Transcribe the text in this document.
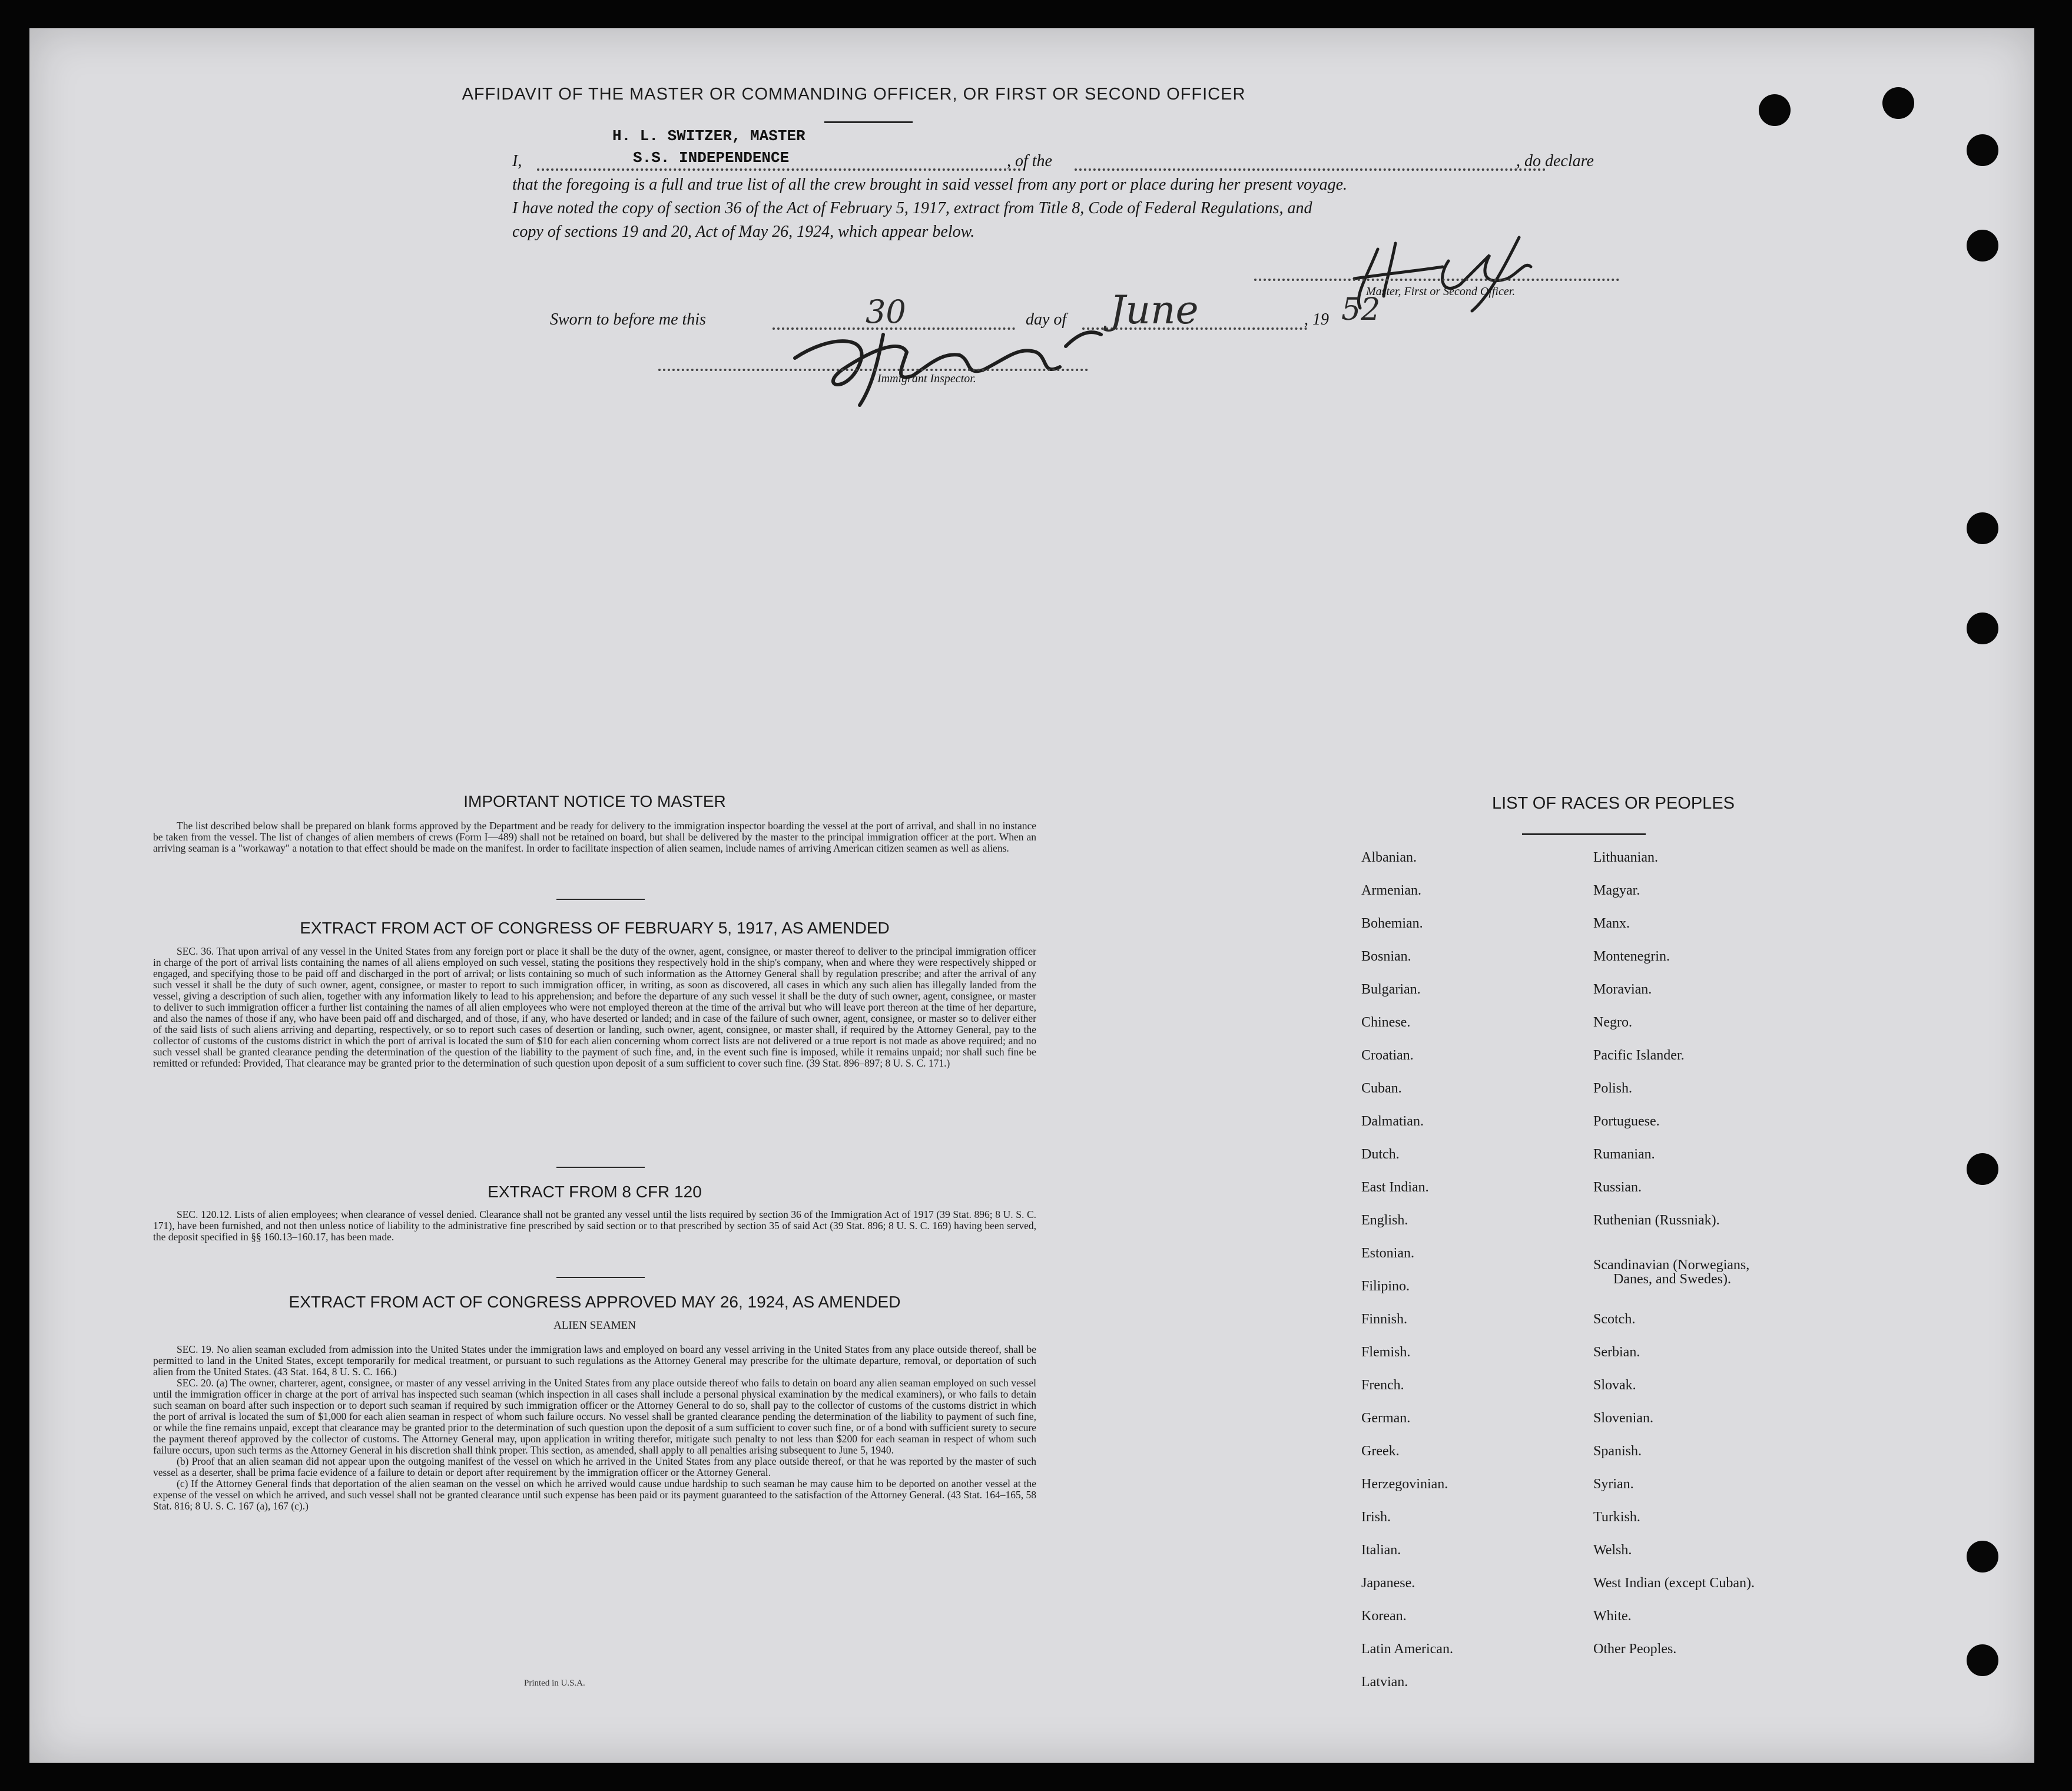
AFFIDAVIT OF THE MASTER OR COMMANDING OFFICER, OR FIRST OR SECOND OFFICER
H. L. SWITZER, MASTER
S.S. INDEPENDENCE
I,	, of the	, do declare
that the foregoing is a full and true list of all the crew brought in said vessel from any port or place during her present voyage.
I have noted the copy of section 36 of the Act of February 5, 1917, extract from Title 8, Code of Federal Regulations, and
copy of sections 19 and 20, Act of May 26, 1924, which appear below.
Master, First or Second Officer.
Sworn to before me this	30	day of June	, 19 52
Immigrant Inspector.
IMPORTANT NOTICE TO MASTER
The list described below shall be prepared on blank forms approved by the Department and be ready for delivery to the immigration inspector boarding the vessel at the port of arrival, and shall in no instance be taken from the vessel. The list of changes of alien members of crews (Form I—489) shall not be retained on board, but shall be delivered by the master to the principal immigration officer at the port. When an arriving seaman is a "workaway" a notation to that effect should be made on the manifest. In order to facilitate inspection of alien seamen, include names of arriving American citizen seamen as well as aliens.
EXTRACT FROM ACT OF CONGRESS OF FEBRUARY 5, 1917, AS AMENDED
SEC. 36. That upon arrival of any vessel in the United States from any foreign port or place it shall be the duty of the owner, agent, consignee, or master thereof to deliver to the principal immigration officer in charge of the port of arrival lists containing the names of all aliens employed on such vessel, stating the positions they respectively hold in the ship's company, when and where they were respectively shipped or engaged, and specifying those to be paid off and discharged in the port of arrival; or lists containing so much of such information as the Attorney General shall by regulation prescribe; and after the arrival of any such vessel it shall be the duty of such owner, agent, consignee, or master to report to such immigration officer, in writing, as soon as discovered, all cases in which any such alien has illegally landed from the vessel, giving a description of such alien, together with any information likely to lead to his apprehension; and before the departure of any such vessel it shall be the duty of such owner, agent, consignee, or master to deliver to such immigration officer a further list containing the names of all alien employees who were not employed thereon at the time of the arrival but who will leave port thereon at the time of her departure, and also the names of those if any, who have been paid off and discharged, and of those, if any, who have deserted or landed; and in case of the failure of such owner, agent, consignee, or master so to deliver either of the said lists of such aliens arriving and departing, respectively, or so to report such cases of desertion or landing, such owner, agent, consignee, or master shall, if required by the Attorney General, pay to the collector of customs of the customs district in which the port of arrival is located the sum of $10 for each alien concerning whom correct lists are not delivered or a true report is not made as above required; and no such vessel shall be granted clearance pending the determination of the question of the liability to the payment of such fine, and, in the event such fine is imposed, while it remains unpaid; nor shall such fine be remitted or refunded: Provided, That clearance may be granted prior to the determination of such question upon deposit of a sum sufficient to cover such fine. (39 Stat. 896–897; 8 U. S. C. 171.)
EXTRACT FROM 8 CFR 120
SEC. 120.12. Lists of alien employees; when clearance of vessel denied. Clearance shall not be granted any vessel until the lists required by section 36 of the Immigration Act of 1917 (39 Stat. 896; 8 U. S. C. 171), have been furnished, and not then unless notice of liability to the administrative fine prescribed by said section or to that prescribed by section 35 of said Act (39 Stat. 896; 8 U. S. C. 169) having been served, the deposit specified in §§ 160.13–160.17, has been made.
EXTRACT FROM ACT OF CONGRESS APPROVED MAY 26, 1924, AS AMENDED
ALIEN SEAMEN

SEC. 19. No alien seaman excluded from admission into the United States under the immigration laws and employed on board any vessel arriving in the United States from any place outside thereof, shall be permitted to land in the United States, except temporarily for medical treatment, or pursuant to such regulations as the Attorney General may prescribe for the ultimate departure, removal, or deportation of such alien from the United States. (43 Stat. 164, 8 U. S. C. 166.)

SEC. 20. (a) The owner, charterer, agent, consignee, or master of any vessel arriving in the United States from any place outside thereof who fails to detain on board any alien seaman employed on such vessel until the immigration officer in charge at the port of arrival has inspected such seaman (which inspection in all cases shall include a personal physical examination by the medical examiners), or who fails to detain such seaman on board after such inspection or to deport such seaman if required by such immigration officer or the Attorney General to do so, shall pay to the collector of customs of the customs district in which the port of arrival is located the sum of $1,000 for each alien seaman in respect of whom such failure occurs. No vessel shall be granted clearance pending the determination of the liability to payment of such fine, or while the fine remains unpaid, except that clearance may be granted prior to the determination of such question upon the deposit of a sum sufficient to cover such fine, or of a bond with sufficient surety to secure the payment thereof approved by the collector of customs. The Attorney General may, upon application in writing therefor, mitigate such penalty to not less than $200 for each seaman in respect of whom such failure occurs, upon such terms as the Attorney General in his discretion shall think proper. This section, as amended, shall apply to all penalties arising subsequent to June 5, 1940.

(b) Proof that an alien seaman did not appear upon the outgoing manifest of the vessel on which he arrived in the United States from any place outside thereof, or that he was reported by the master of such vessel as a deserter, shall be prima facie evidence of a failure to detain or deport after requirement by the immigration officer or the Attorney General.

(c) If the Attorney General finds that deportation of the alien seaman on the vessel on which he arrived would cause undue hardship to such seaman he may cause him to be deported on another vessel at the expense of the vessel on which he arrived, and such vessel shall not be granted clearance until such expense has been paid or its payment guaranteed to the satisfaction of the Attorney General. (43 Stat. 164–165, 58 Stat. 816; 8 U. S. C. 167 (a), 167 (c).)

Printed in U.S.A.
LIST OF RACES OR PEOPLES
Albanian.
Armenian.
Bohemian.
Bosnian.
Bulgarian.
Chinese.
Croatian.
Cuban.
Dalmatian.
Dutch.
East Indian.
English.
Estonian.
Filipino.
Finnish.
Flemish.
French.
German.
Greek.
Herzegovinian.
Irish.
Italian.
Japanese.
Korean.
Latin American.
Latvian.
Lithuanian.
Magyar.
Manx.
Montenegrin.
Moravian.
Negro.
Pacific Islander.
Polish.
Portuguese.
Rumanian.
Russian.
Ruthenian (Russniak).
Scandinavian (Norwegians,
Danes, and Swedes).
Scotch.
Serbian.
Slovak.
Slovenian.
Spanish.
Syrian.
Turkish.
Welsh.
West Indian (except Cuban).
White.
Other Peoples.
